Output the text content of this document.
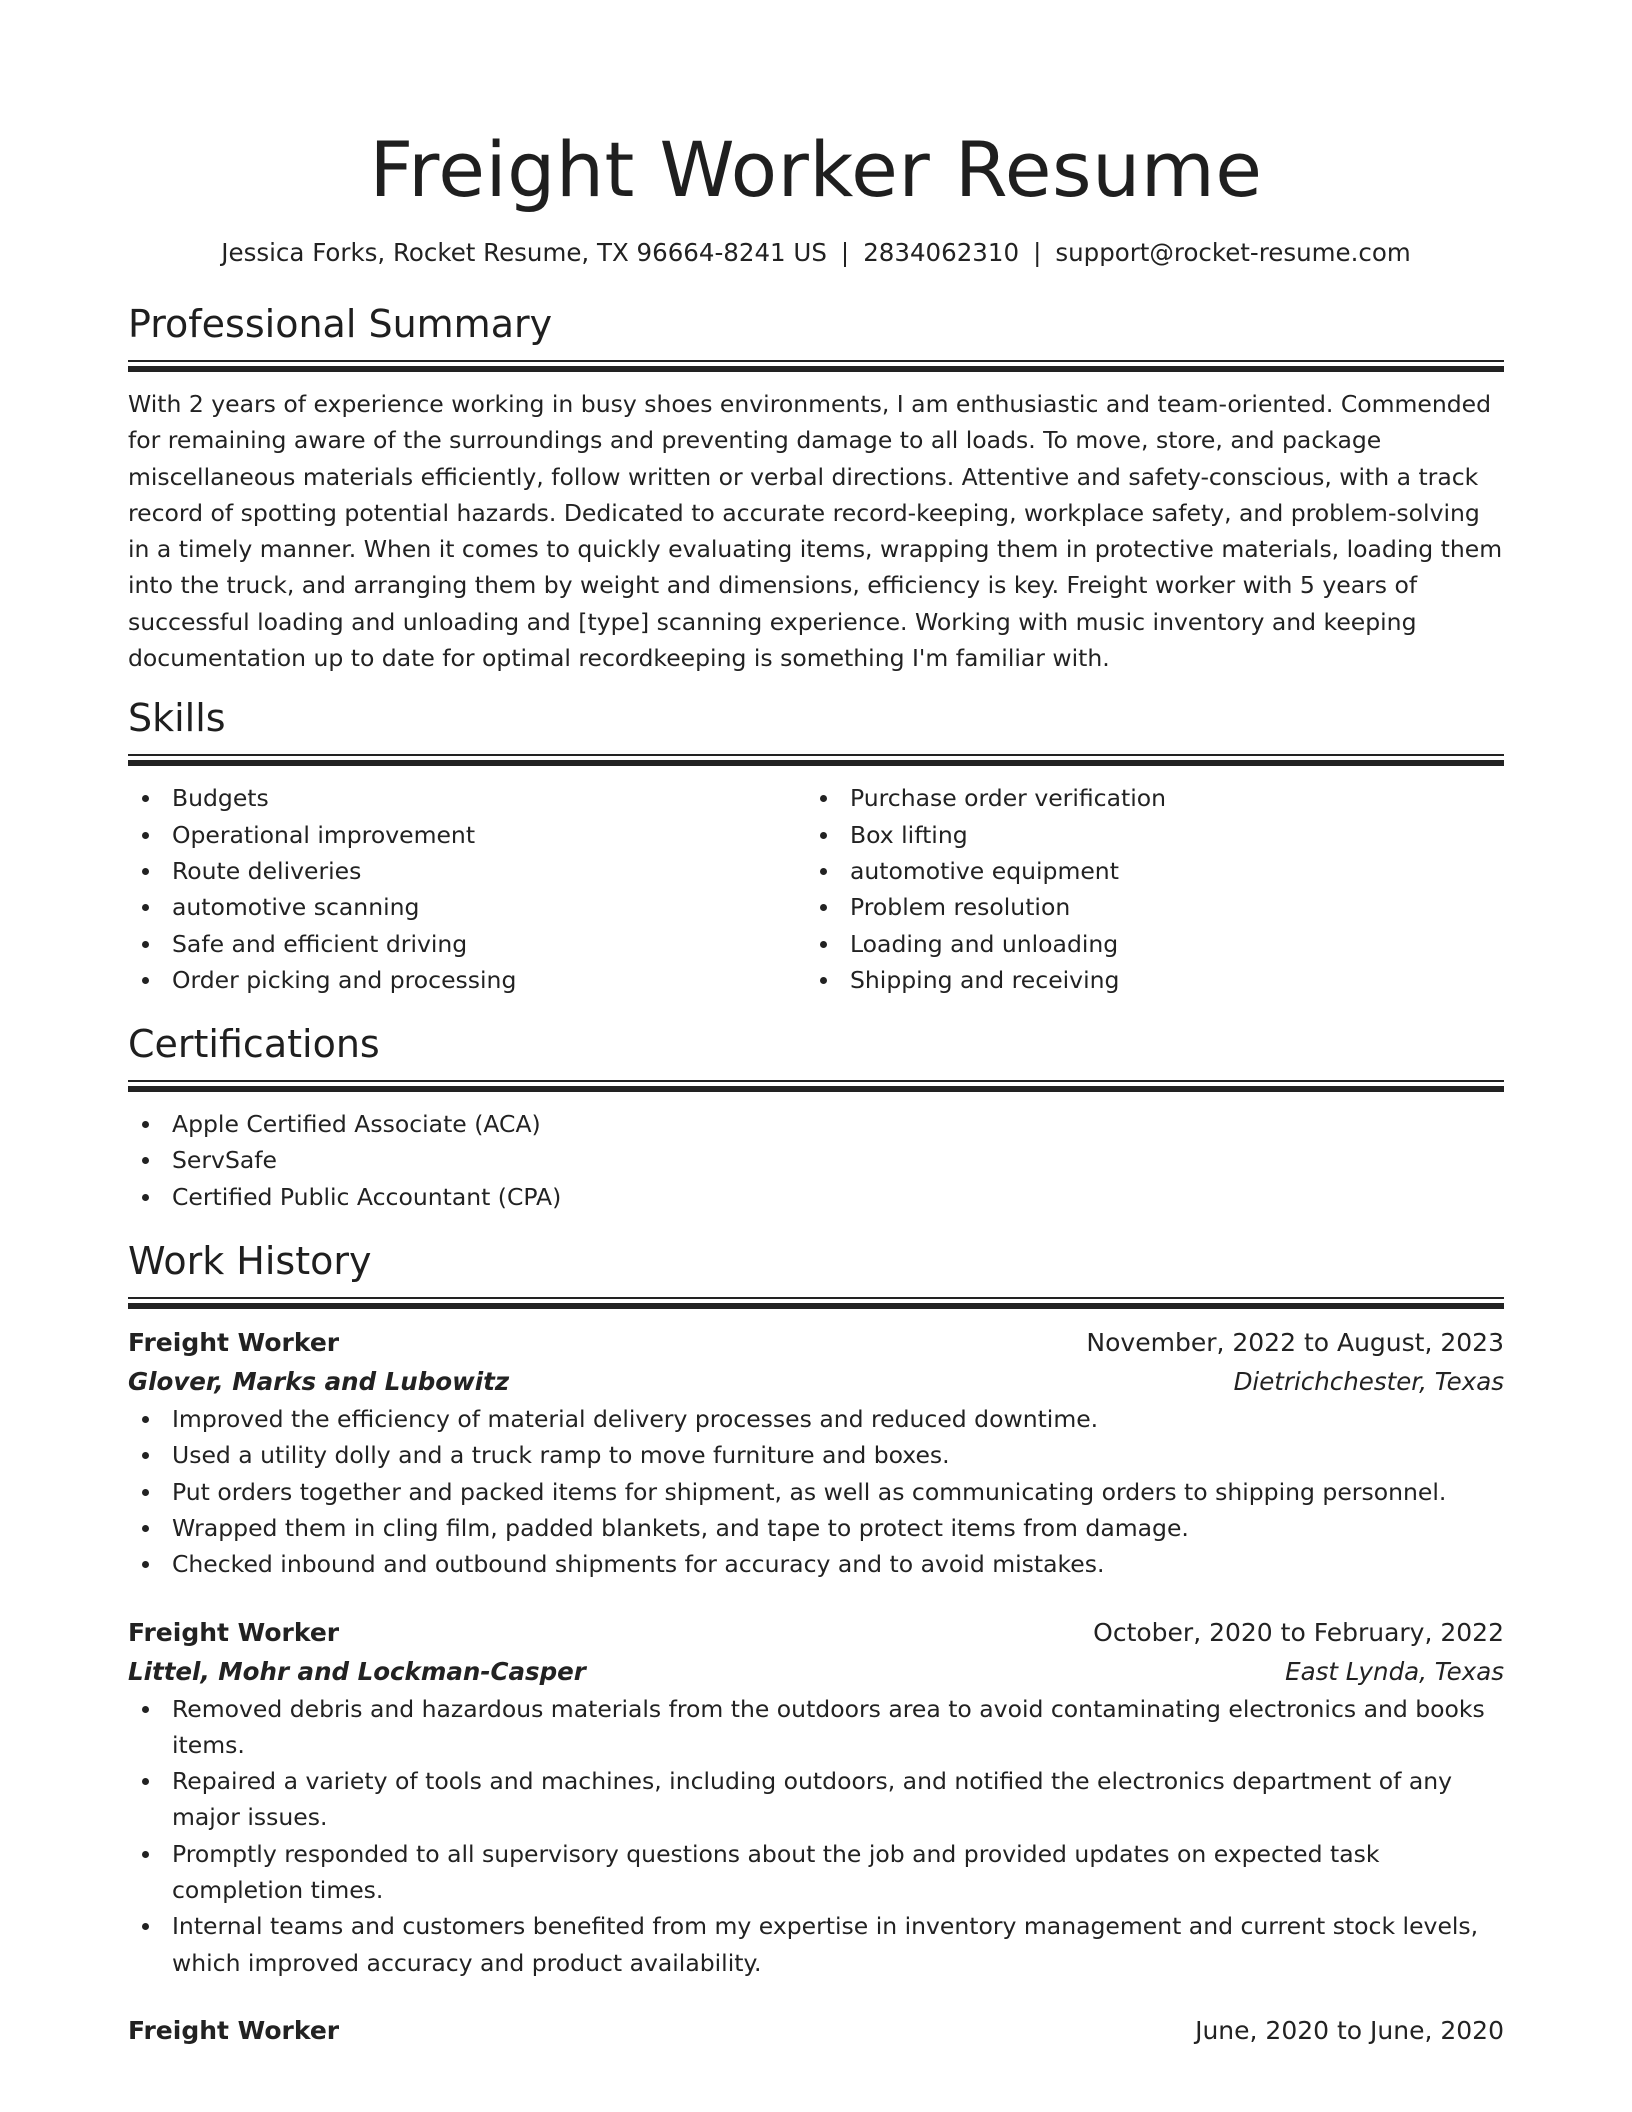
Freight Worker Resume
Jessica Forks, Rocket Resume, TX 96664-8241 US | 2834062310 | support@rocket-resume.com
Professional Summary

With 2 years of experience working in busy shoes environments, I am enthusiastic and team-oriented. Commended for remaining aware of the surroundings and preventing damage to all loads. To move, store, and package miscellaneous materials efficiently, follow written or verbal directions. Attentive and safety-conscious, with a track record of spotting potential hazards. Dedicated to accurate record-keeping, workplace safety, and problem-solving in a timely manner. When it comes to quickly evaluating items, wrapping them in protective materials, loading them into the truck, and arranging them by weight and dimensions, efficiency is key. Freight worker with 5 years of successful loading and unloading and [type] scanning experience. Working with music inventory and keeping documentation up to date for optimal recordkeeping is something I'm familiar with.

Skills
Budgets
Operational improvement
Route deliveries
automotive scanning
Safe and efficient driving
Order picking and processing
Purchase order verification
Box lifting
automotive equipment
Problem resolution
Loading and unloading
Shipping and receiving
Certifications
Apple Certified Associate (ACA)
ServSafe
Certified Public Accountant (CPA)
Work History
Freight Worker	November, 2022 to August, 2023
Glover, Marks and Lubowitz	Dietrichchester, Texas
Improved the efficiency of material delivery processes and reduced downtime.
Used a utility dolly and a truck ramp to move furniture and boxes.
Put orders together and packed items for shipment, as well as communicating orders to shipping personnel.
Wrapped them in cling film, padded blankets, and tape to protect items from damage.
Checked inbound and outbound shipments for accuracy and to avoid mistakes.
Freight Worker	October, 2020 to February, 2022
Littel, Mohr and Lockman-Casper	East Lynda, Texas
Removed debris and hazardous materials from the outdoors area to avoid contaminating electronics and books items.
Repaired a variety of tools and machines, including outdoors, and notified the electronics department of any major issues.
Promptly responded to all supervisory questions about the job and provided updates on expected task completion times.
Internal teams and customers benefited from my expertise in inventory management and current stock levels, which improved accuracy and product availability.
Freight Worker	June, 2020 to June, 2020
